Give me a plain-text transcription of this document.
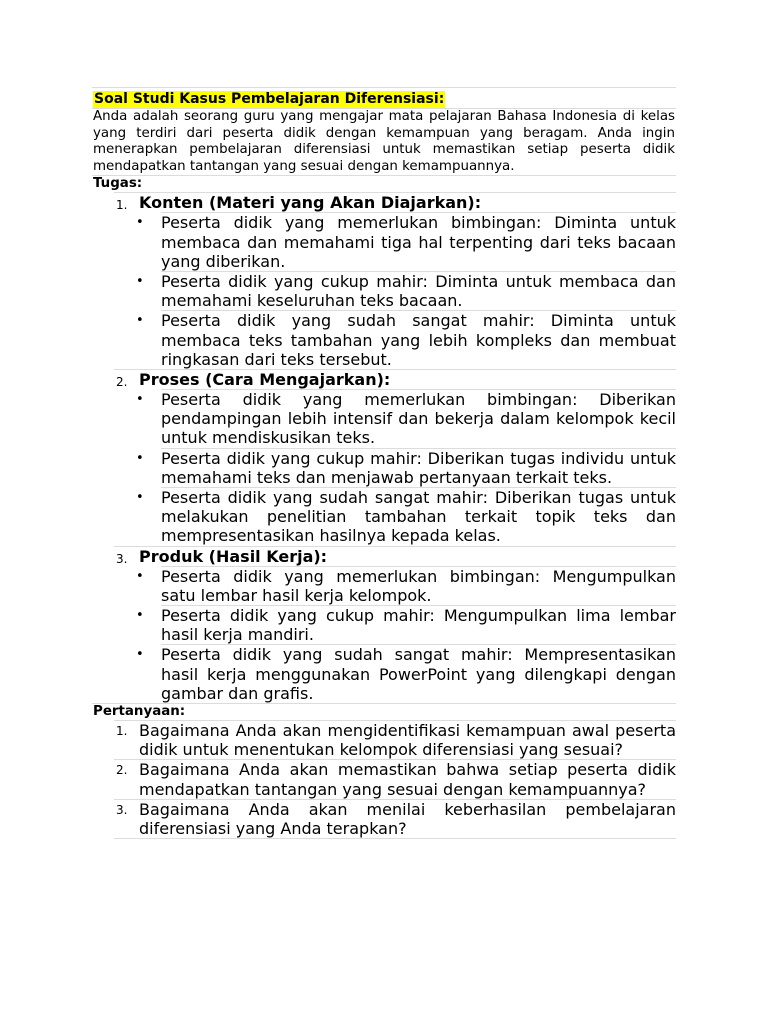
Soal Studi Kasus Pembelajaran Diferensiasi:
Anda adalah seorang guru yang mengajar mata pelajaran Bahasa Indonesia di kelas yang terdiri dari peserta didik dengan kemampuan yang beragam. Anda ingin menerapkan pembelajaran diferensiasi untuk memastikan setiap peserta didik mendapatkan tantangan yang sesuai dengan kemampuannya.
Tugas:
1. Konten (Materi yang Akan Diajarkan):
• Peserta didik yang memerlukan bimbingan: Diminta untuk membaca dan memahami tiga hal terpenting dari teks bacaan yang diberikan.
• Peserta didik yang cukup mahir: Diminta untuk membaca dan memahami keseluruhan teks bacaan.
• Peserta didik yang sudah sangat mahir: Diminta untuk membaca teks tambahan yang lebih kompleks dan membuat ringkasan dari teks tersebut.
2. Proses (Cara Mengajarkan):
• Peserta didik yang memerlukan bimbingan: Diberikan pendampingan lebih intensif dan bekerja dalam kelompok kecil untuk mendiskusikan teks.
• Peserta didik yang cukup mahir: Diberikan tugas individu untuk memahami teks dan menjawab pertanyaan terkait teks.
• Peserta didik yang sudah sangat mahir: Diberikan tugas untuk melakukan penelitian tambahan terkait topik teks dan mempresentasikan hasilnya kepada kelas.
3. Produk (Hasil Kerja):
• Peserta didik yang memerlukan bimbingan: Mengumpulkan satu lembar hasil kerja kelompok.
• Peserta didik yang cukup mahir: Mengumpulkan lima lembar hasil kerja mandiri.
• Peserta didik yang sudah sangat mahir: Mempresentasikan hasil kerja menggunakan PowerPoint yang dilengkapi dengan gambar dan grafis.
Pertanyaan:
1. Bagaimana Anda akan mengidentifikasi kemampuan awal peserta didik untuk menentukan kelompok diferensiasi yang sesuai?
2. Bagaimana Anda akan memastikan bahwa setiap peserta didik mendapatkan tantangan yang sesuai dengan kemampuannya?
3. Bagaimana Anda akan menilai keberhasilan pembelajaran diferensiasi yang Anda terapkan?
